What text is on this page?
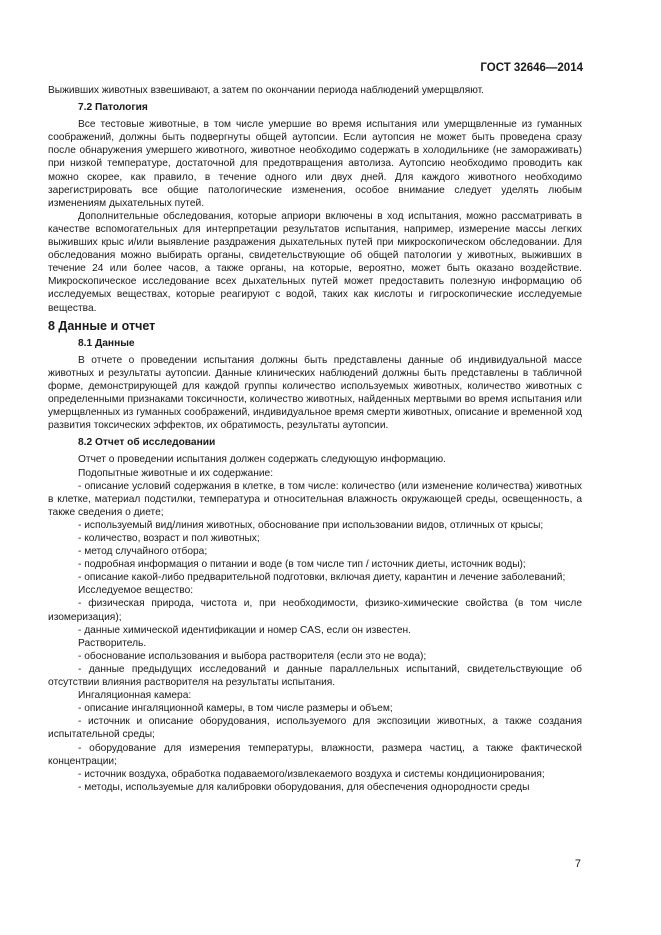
ГОСТ 32646—2014

Выживших животных взвешивают, а затем по окончании периода наблюдений умерщвляют.

7.2 Патология

Все тестовые животные, в том числе умершие во время испытания или умерщвленные из гуманных соображений, должны быть подвергнуты общей аутопсии. Если аутопсия не может быть проведена сразу после обнаружения умершего животного, животное необходимо содержать в холодильнике (не замораживать) при низкой температуре, достаточной для предотвращения автолиза. Аутопсию необходимо проводить как можно скорее, как правило, в течение одного или двух дней. Для каждого животного необходимо зарегистрировать все общие патологические изменения, особое внимание следует уделять любым изменениям дыхательных путей.

Дополнительные обследования, которые априори включены в ход испытания, можно рассматривать в качестве вспомогательных для интерпретации результатов испытания, например, измерение массы легких выживших крыс и/или выявление раздражения дыхательных путей при микроскопическом обследовании. Для обследования можно выбирать органы, свидетельствующие об общей патологии у животных, выживших в течение 24 или более часов, а также органы, на которые, вероятно, может быть оказано воздействие. Микроскопическое исследование всех дыхательных путей может предоставить полезную информацию об исследуемых веществах, которые реагируют с водой, таких как кислоты и гигроскопические исследуемые вещества.

8 Данные и отчет
8.1 Данные

В отчете о проведении испытания должны быть представлены данные об индивидуальной массе животных и результаты аутопсии. Данные клинических наблюдений должны быть представлены в табличной форме, демонстрирующей для каждой группы количество используемых животных, количество животных с определенными признаками токсичности, количество животных, найденных мертвыми во время испытания или умерщвленных из гуманных соображений, индивидуальное время смерти животных, описание и временной ход развития токсических эффектов, их обратимость, результаты аутопсии.

8.2 Отчет об исследовании

Отчет о проведении испытания должен содержать следующую информацию.

Подопытные животные и их содержание:

- описание условий содержания в клетке, в том числе: количество (или изменение количества) животных в клетке, материал подстилки, температура и относительная влажность окружающей среды, освещенность, а также сведения о диете;

- используемый вид/линия животных, обоснование при использовании видов, отличных от крысы;

- количество, возраст и пол животных;

- метод случайного отбора;

- подробная информация о питании и воде (в том числе тип / источник диеты, источник воды);

- описание какой-либо предварительной подготовки, включая диету, карантин и лечение заболеваний;

Исследуемое вещество:

- физическая природа, чистота и, при необходимости, физико-химические свойства (в том числе изомеризация);

- данные химической идентификации и номер CAS, если он известен.

Растворитель.

- обоснование использования и выбора растворителя (если это не вода);

- данные предыдущих исследований и данные параллельных испытаний, свидетельствующие об отсутствии влияния растворителя на результаты испытания.

Ингаляционная камера:

- описание ингаляционной камеры, в том числе размеры и объем;

- источник и описание оборудования, используемого для экспозиции животных, а также создания испытательной среды;

- оборудование для измерения температуры, влажности, размера частиц, а также фактической концентрации;

- источник воздуха, обработка подаваемого/извлекаемого воздуха и системы кондиционирования;

- методы, используемые для калибровки оборудования, для обеспечения однородности среды

7
